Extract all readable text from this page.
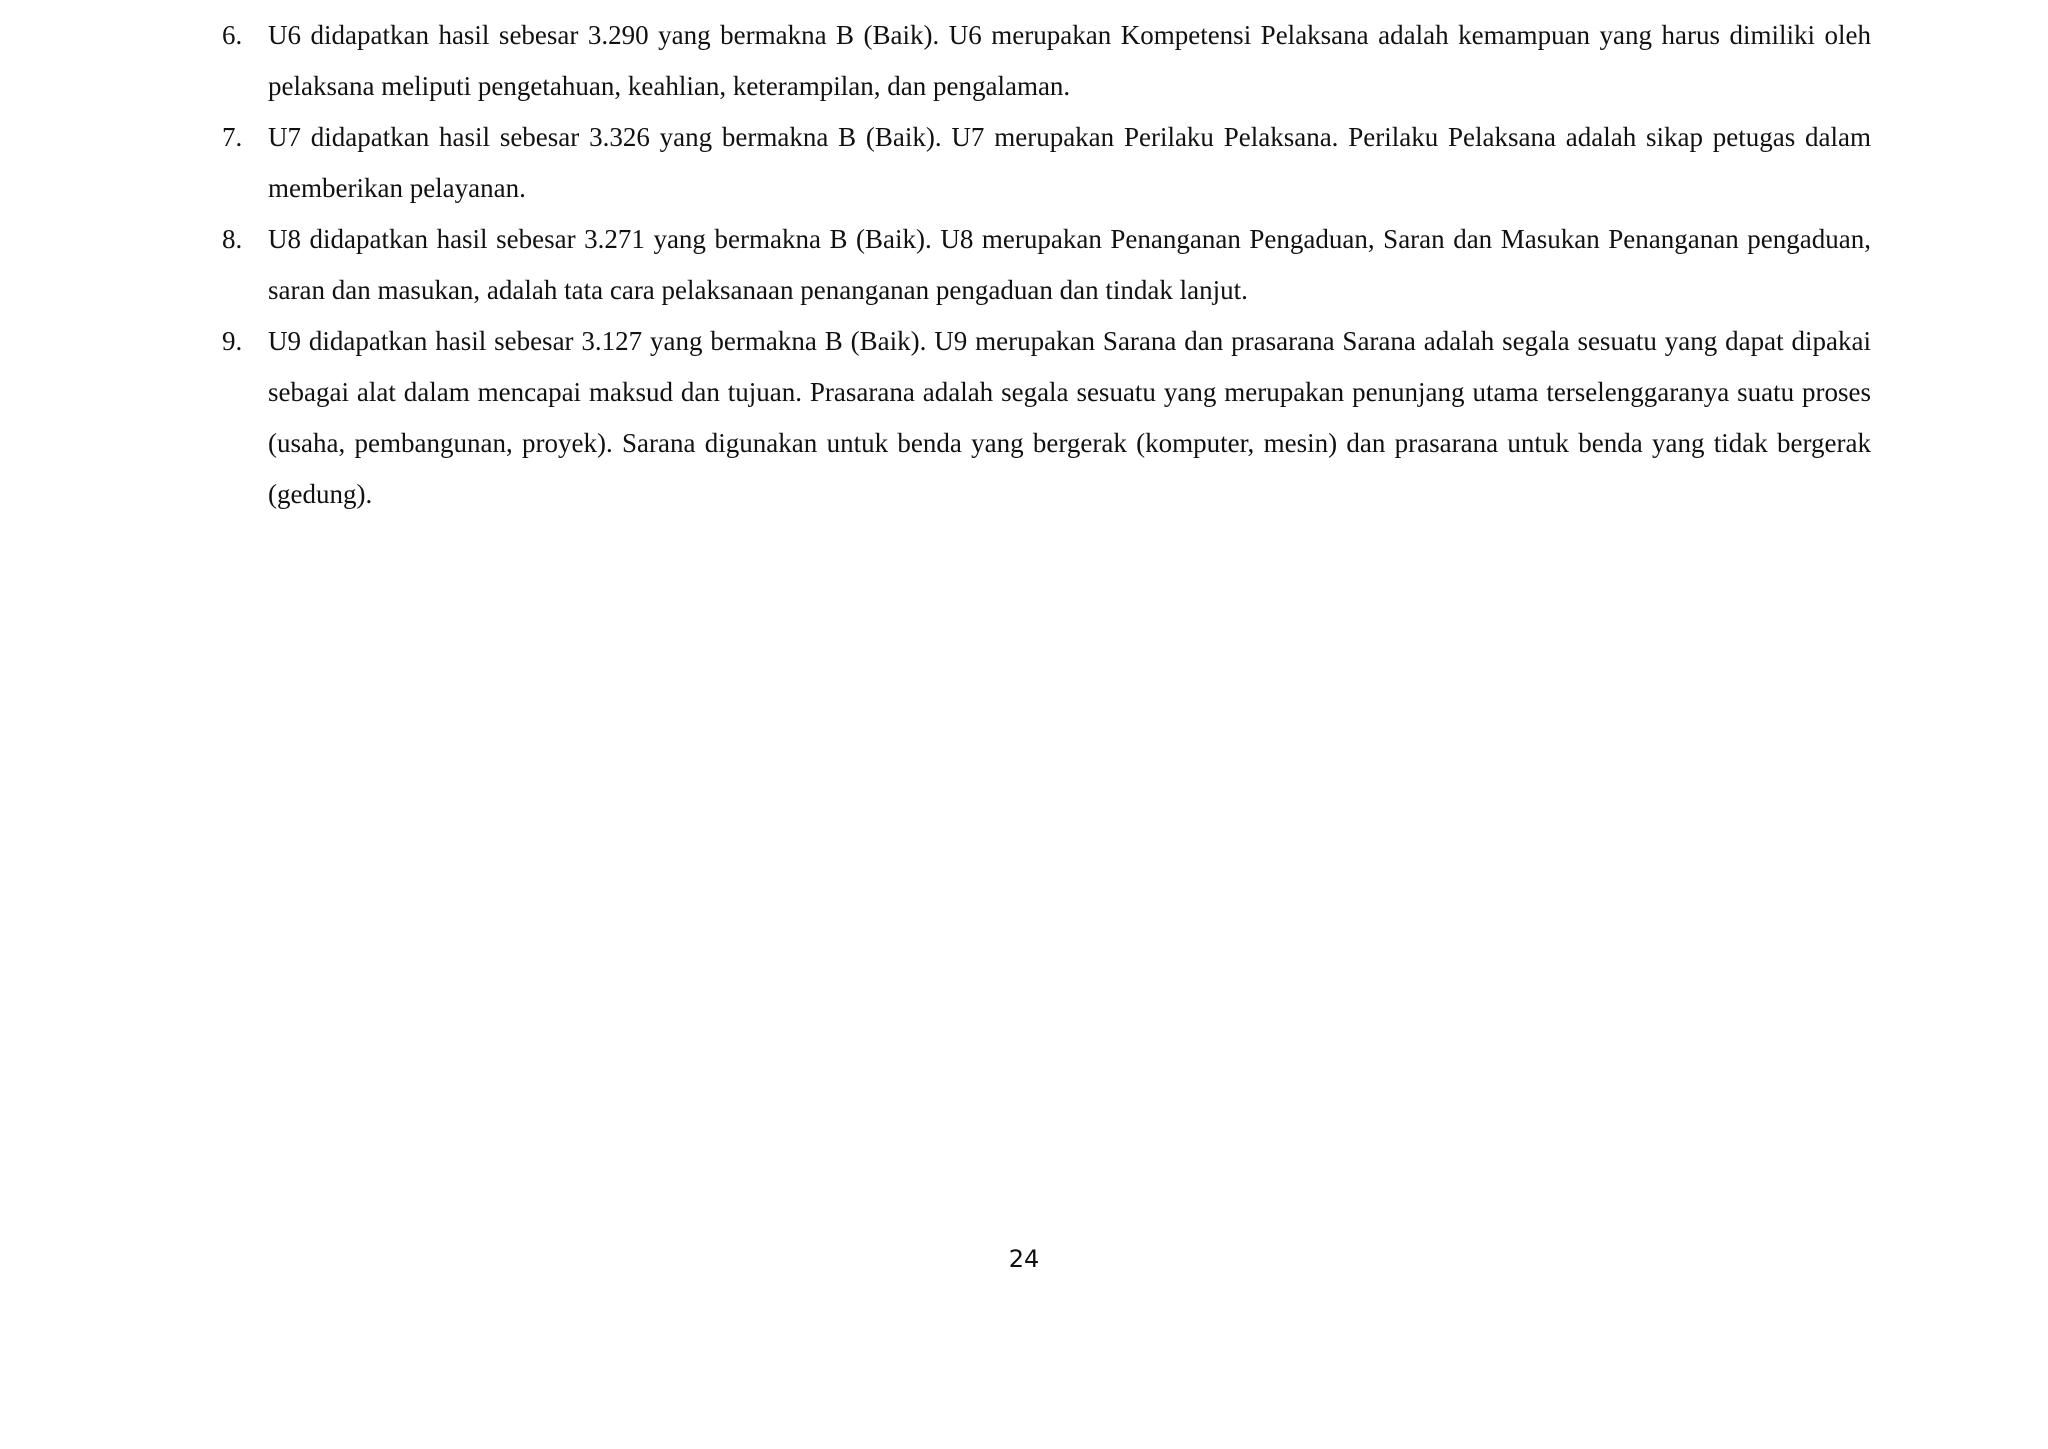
6. U6 didapatkan hasil sebesar 3.290 yang bermakna B (Baik). U6 merupakan Kompetensi Pelaksana adalah kemampuan yang harus dimiliki oleh pelaksana meliputi pengetahuan, keahlian, keterampilan, dan pengalaman.
7. U7 didapatkan hasil sebesar 3.326 yang bermakna B (Baik). U7 merupakan Perilaku Pelaksana. Perilaku Pelaksana adalah sikap petugas dalam memberikan pelayanan.
8. U8 didapatkan hasil sebesar 3.271 yang bermakna B (Baik). U8 merupakan Penanganan Pengaduan, Saran dan Masukan Penanganan pengaduan, saran dan masukan, adalah tata cara pelaksanaan penanganan pengaduan dan tindak lanjut.
9. U9 didapatkan hasil sebesar 3.127 yang bermakna B (Baik). U9 merupakan Sarana dan prasarana Sarana adalah segala sesuatu yang dapat dipakai sebagai alat dalam mencapai maksud dan tujuan. Prasarana adalah segala sesuatu yang merupakan penunjang utama terselenggaranya suatu proses (usaha, pembangunan, proyek). Sarana digunakan untuk benda yang bergerak (komputer, mesin) dan prasarana untuk benda yang tidak bergerak (gedung).
24
